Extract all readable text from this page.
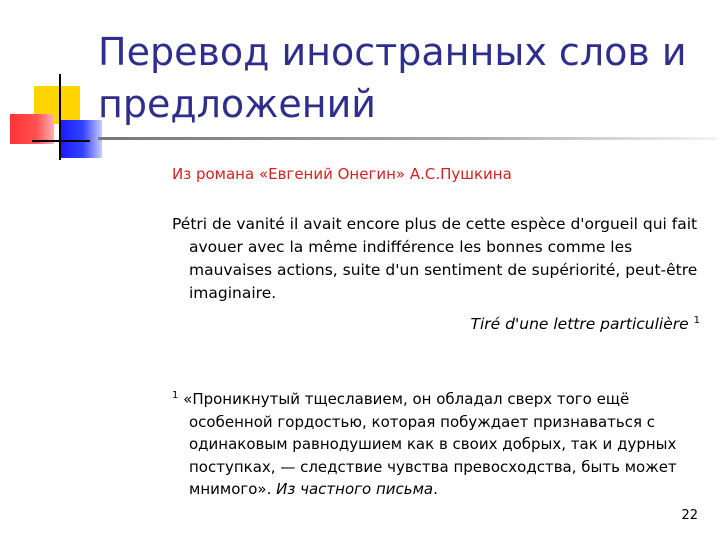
Перевод иностранных слов и предложений
Из романа «Евгений Онегин» А.С.Пушкина

Pétri de vanité il avait encore plus de cette espèce d'orgueil qui fait avouer avec la même indifférence les bonnes comme les mauvaises actions, suite d'un sentiment de supériorité, peut-être imaginaire.

Tiré d'une lettre particulière $^1$

$^1$ «Проникнутый тщеславием, он обладал сверх того ещё особенной гордостью, которая побуждает признаваться с одинаковым равнодушием как в своих добрых, так и дурных поступках, — следствие чувства превосходства, быть может мнимого». Из частного письма.

22
